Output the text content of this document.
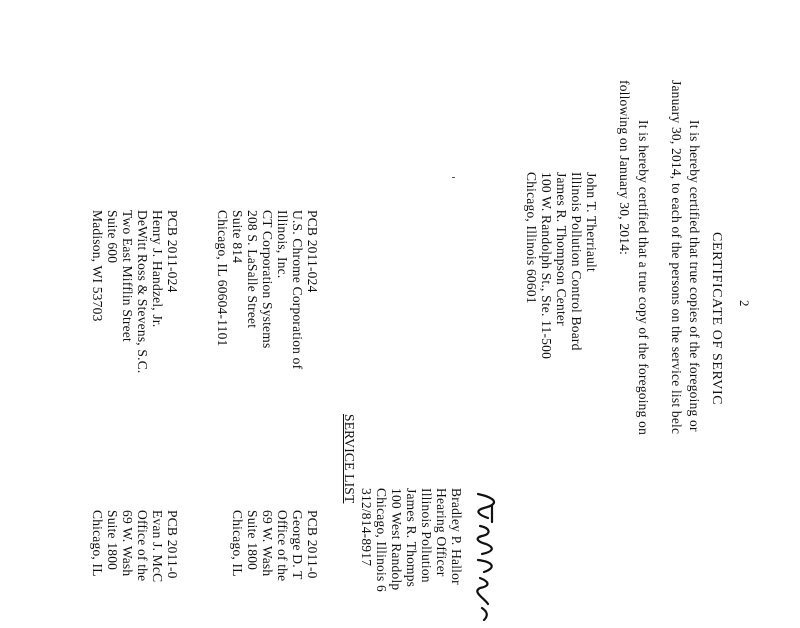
2
CERTIFICATE OF SERVIC
It is hereby certified that true copies of the foregoing or
January 30, 2014, to each of the persons on the service list belc
It is hereby certified that a true copy of the foregoing on
following on January 30, 2014:
John T. Therriault
Illinois Pollution Control Board
James R. Thompson Center
100 W. Randolph St., Ste. 11-500
Chicago, Illinois 60601
Bradley P. Hallor
Hearing Officer
Illinois Pollution
James R. Thomps
100 West Randolp
Chicago, Illinois 6
312/814-8917
SERVICE LIST
PCB 2011-024
U.S. Chrome Corporation of
Illinois, Inc.
CT Corporation Systems
208 S. LaSalle Street
Suite 814
Chicago, IL 60604-1101
PCB 2011-024
Henry J. Handzel, Jr.
DeWitt Ross & Stevens, S.C.
Two East Mifflin Street
Suite 600
Madison, WI 53703
PCB 2011-0
George D. T
Office of the
69 W. Wash
Suite 1800
Chicago, IL
PCB 2011-0
Evan J. McC
Office of the
69 W. Wash
Suite 1800
Chicago, IL
